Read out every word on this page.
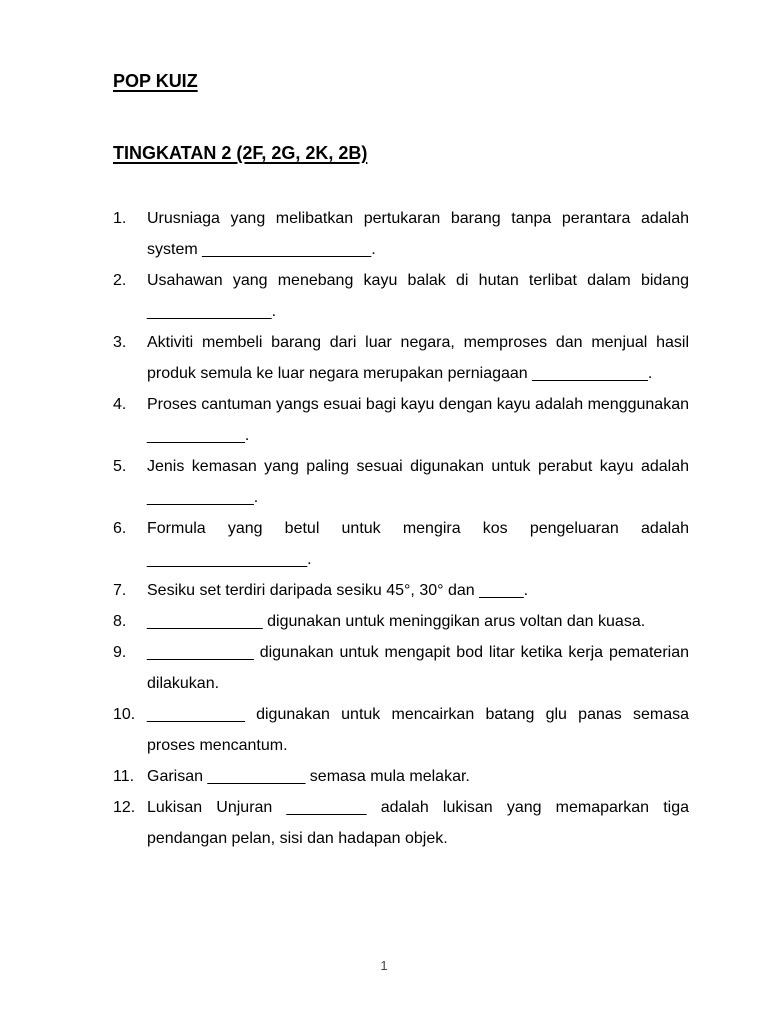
POP KUIZ
TINGKATAN 2 (2F, 2G, 2K, 2B)
1.	Urusniaga yang melibatkan pertukaran barang tanpa perantara adalah system ___________________.
2.	Usahawan yang menebang kayu balak di hutan terlibat dalam bidang ______________.
3.	Aktiviti membeli barang dari luar negara, memproses dan menjual hasil produk semula ke luar negara merupakan perniagaan _____________.
4.	Proses cantuman yangs esuai bagi kayu dengan kayu adalah menggunakan ___________.
5.	Jenis kemasan yang paling sesuai digunakan untuk perabut kayu adalah ____________.
6.	Formula yang betul untuk mengira kos pengeluaran adalah __________________.
7.	Sesiku set terdiri daripada sesiku 45°, 30° dan _____.
8.	_____________ digunakan untuk meninggikan arus voltan dan kuasa.
9.	____________ digunakan untuk mengapit bod litar ketika kerja pematerian dilakukan.
10. ___________ digunakan untuk mencairkan batang glu panas semasa proses mencantum.
11. Garisan ___________ semasa mula melakar.
12. Lukisan Unjuran _________ adalah lukisan yang memaparkan tiga pendangan pelan, sisi dan hadapan objek.
1
